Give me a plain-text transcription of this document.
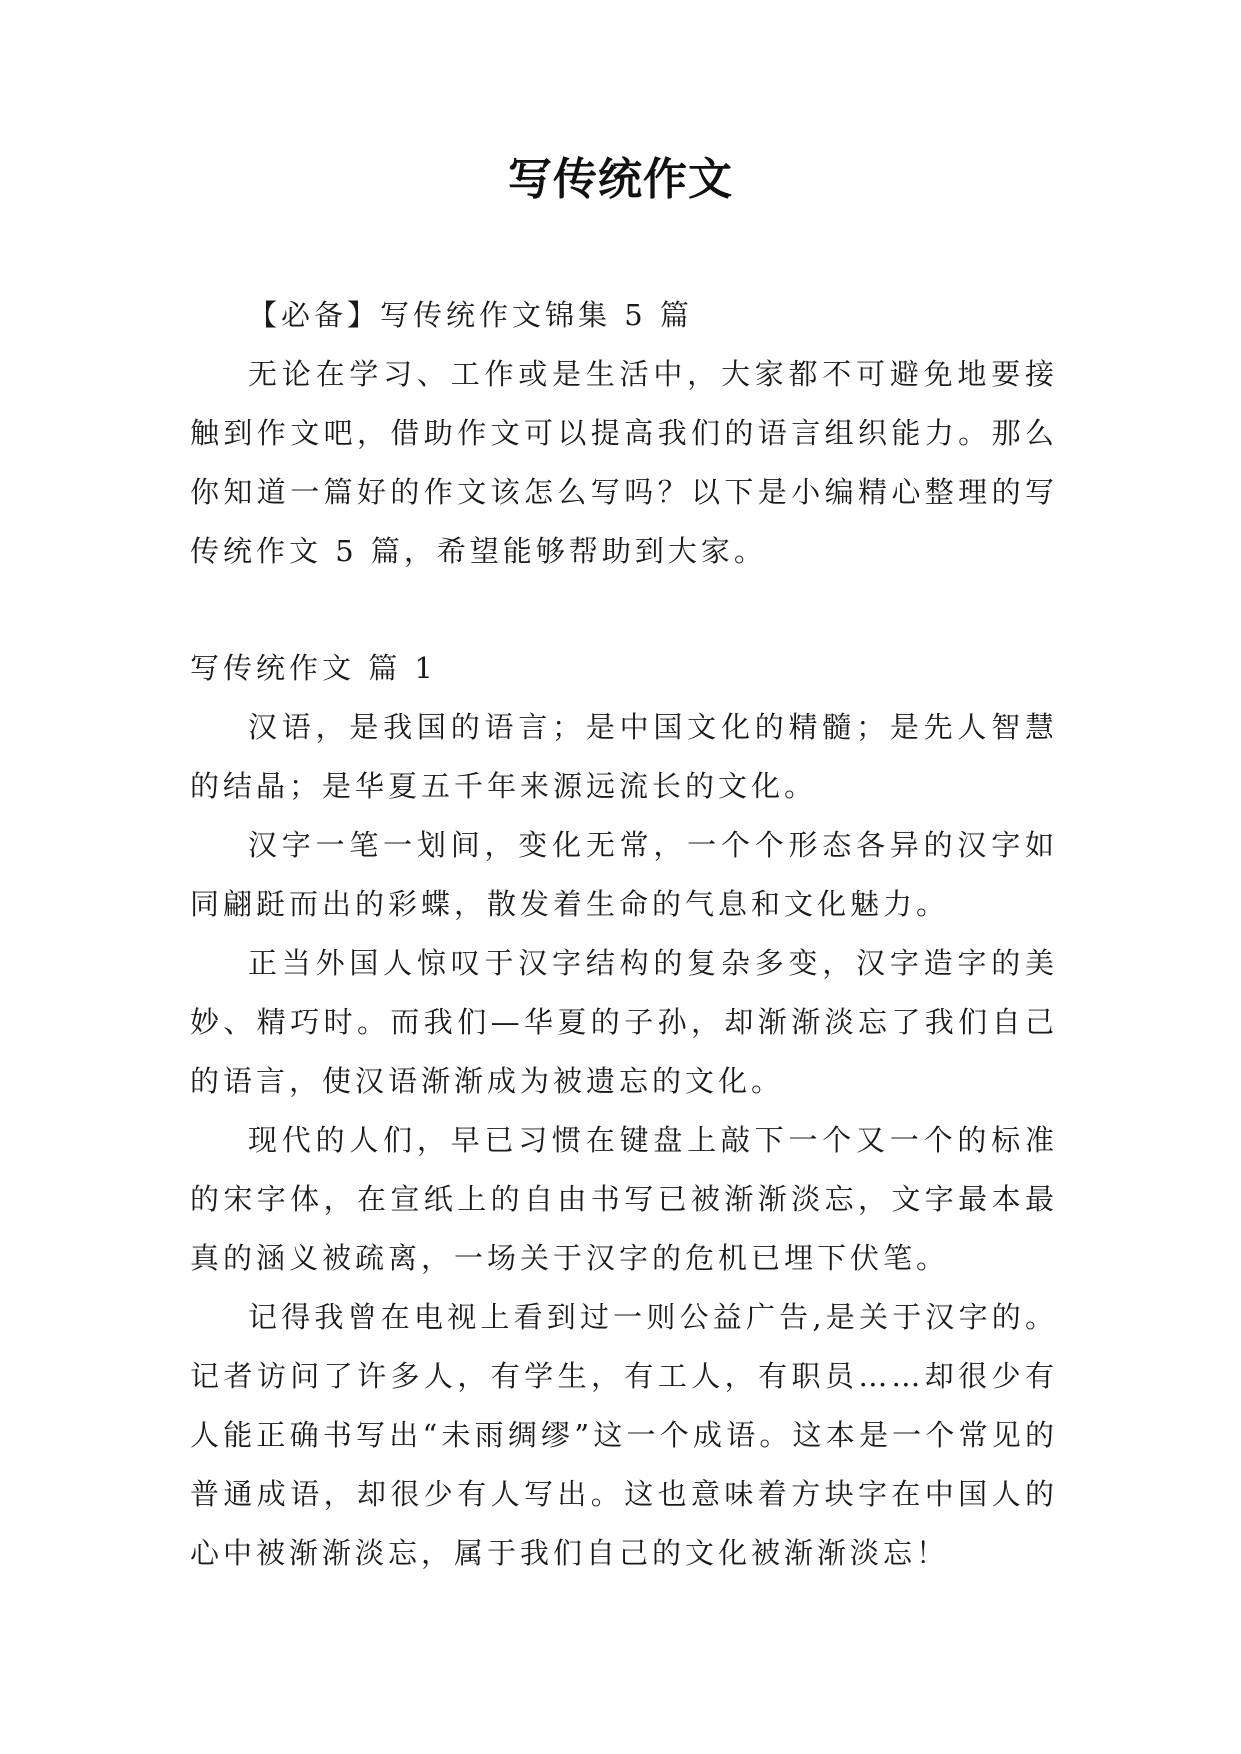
写传统作文

【必备】写传统作文锦集 5 篇

无论在学习、工作或是生活中，大家都不可避免地要接触到作文吧，借助作文可以提高我们的语言组织能力。那么你知道一篇好的作文该怎么写吗？以下是小编精心整理的写传统作文 5 篇，希望能够帮助到大家。

写传统作文 篇 1

汉语，是我国的语言；是中国文化的精髓；是先人智慧的结晶；是华夏五千年来源远流长的文化。

汉字一笔一划间，变化无常，一个个形态各异的汉字如同翩跹而出的彩蝶，散发着生命的气息和文化魅力。

正当外国人惊叹于汉字结构的复杂多变，汉字造字的美妙、精巧时。而我们—华夏的子孙，却渐渐淡忘了我们自己的语言，使汉语渐渐成为被遗忘的文化。

现代的人们，早已习惯在键盘上敲下一个又一个的标准的宋字体，在宣纸上的自由书写已被渐渐淡忘，文字最本最真的涵义被疏离，一场关于汉字的危机已埋下伏笔。

记得我曾在电视上看到过一则公益广告,是关于汉字的。记者访问了许多人，有学生，有工人，有职员……却很少有人能正确书写出“未雨绸缪”这一个成语。这本是一个常见的普通成语，却很少有人写出。这也意味着方块字在中国人的心中被渐渐淡忘，属于我们自己的文化被渐渐淡忘！
